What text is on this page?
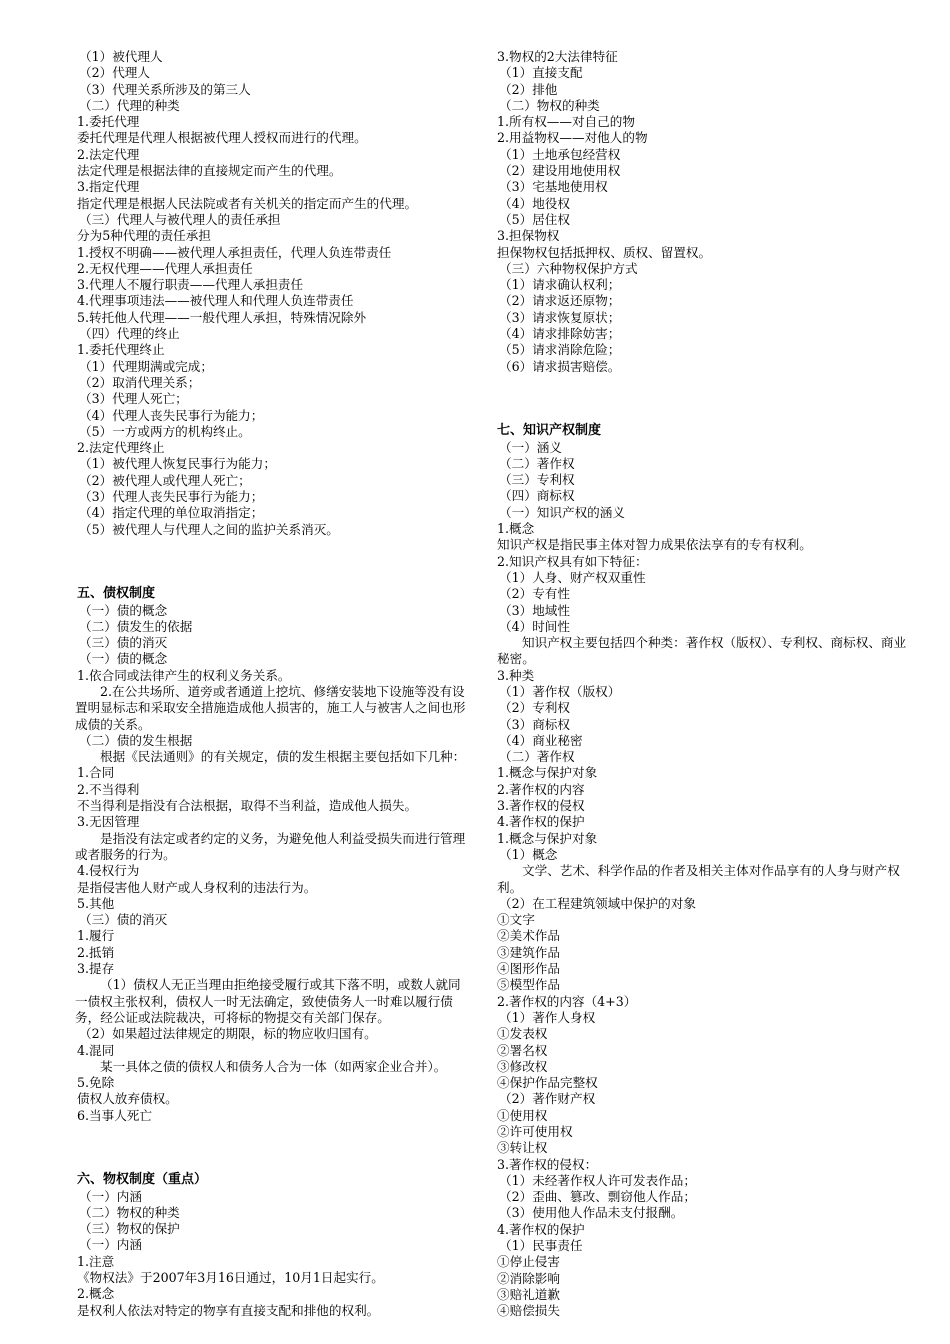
（1）被代理人

（2）代理人

（3）代理关系所涉及的第三人

（二）代理的种类

1.委托代理

委托代理是代理人根据被代理人授权而进行的代理。

2.法定代理

法定代理是根据法律的直接规定而产生的代理。

3.指定代理

指定代理是根据人民法院或者有关机关的指定而产生的代理。

（三）代理人与被代理人的责任承担

分为5种代理的责任承担

1.授权不明确——被代理人承担责任，代理人负连带责任

2.无权代理——代理人承担责任

3.代理人不履行职责——代理人承担责任

4.代理事项违法——被代理人和代理人负连带责任

5.转托他人代理——一般代理人承担，特殊情况除外

（四）代理的终止

1.委托代理终止

（1）代理期满或完成；

（2）取消代理关系；

（3）代理人死亡；

（4）代理人丧失民事行为能力；

（5）一方或两方的机构终止。

2.法定代理终止

（1）被代理人恢复民事行为能力；

（2）被代理人或代理人死亡；

（3）代理人丧失民事行为能力；

（4）指定代理的单位取消指定；

（5）被代理人与代理人之间的监护关系消灭。

五、债权制度

（一）债的概念

（二）债发生的依据

（三）债的消灭

（一）债的概念

1.依合同或法律产生的权利义务关系。

2.在公共场所、道旁或者通道上挖坑、修缮安装地下设施等没有设置明显标志和采取安全措施造成他人损害的，施工人与被害人之间也形成债的关系。

（二）债的发生根据

根据《民法通则》的有关规定，债的发生根据主要包括如下几种：

1.合同

2.不当得利

不当得利是指没有合法根据，取得不当利益，造成他人损失。

3.无因管理

是指没有法定或者约定的义务，为避免他人利益受损失而进行管理或者服务的行为。

4.侵权行为

是指侵害他人财产或人身权利的违法行为。

5.其他

（三）债的消灭

1.履行

2.抵销

3.提存

（1）债权人无正当理由拒绝接受履行或其下落不明，或数人就同一债权主张权利，债权人一时无法确定，致使债务人一时难以履行债务，经公证或法院裁决，可将标的物提交有关部门保存。

（2）如果超过法律规定的期限，标的物应收归国有。

4.混同

某一具体之债的债权人和债务人合为一体（如两家企业合并）。

5.免除

债权人放弃债权。

6.当事人死亡

六、物权制度（重点）

（一）内涵

（二）物权的种类

（三）物权的保护

（一）内涵

1.注意

《物权法》于2007年3月16日通过，10月1日起实行。

2.概念

是权利人依法对特定的物享有直接支配和排他的权利。

3.物权的2大法律特征

（1）直接支配

（2）排他

（二）物权的种类

1.所有权——对自己的物

2.用益物权——对他人的物

（1）土地承包经营权

（2）建设用地使用权

（3）宅基地使用权

（4）地役权

（5）居住权

3.担保物权

担保物权包括抵押权、质权、留置权。

（三）六种物权保护方式

（1）请求确认权利；

（2）请求返还原物；

（3）请求恢复原状；

（4）请求排除妨害；

（5）请求消除危险；

（6）请求损害赔偿。

七、知识产权制度

（一）涵义

（二）著作权

（三）专利权

（四）商标权

（一）知识产权的涵义

1.概念

知识产权是指民事主体对智力成果依法享有的专有权利。

2.知识产权具有如下特征：

（1）人身、财产权双重性

（2）专有性

（3）地域性

（4）时间性

知识产权主要包括四个种类：著作权（版权）、专利权、商标权、商业秘密。

3.种类

（1）著作权（版权）

（2）专利权

（3）商标权

（4）商业秘密

（二）著作权

1.概念与保护对象

2.著作权的内容

3.著作权的侵权

4.著作权的保护

1.概念与保护对象

（1）概念

文学、艺术、科学作品的作者及相关主体对作品享有的人身与财产权利。

（2）在工程建筑领域中保护的对象

①文字

②美术作品

③建筑作品

④图形作品

⑤模型作品

2.著作权的内容（4+3）

（1）著作人身权

①发表权

②署名权

③修改权

④保护作品完整权

（2）著作财产权

①使用权

②许可使用权

③转让权

3.著作权的侵权：

（1）未经著作权人许可发表作品；

（2）歪曲、篡改、剽窃他人作品；

（3）使用他人作品未支付报酬。

4.著作权的保护

（1）民事责任

①停止侵害

②消除影响

③赔礼道歉

④赔偿损失
